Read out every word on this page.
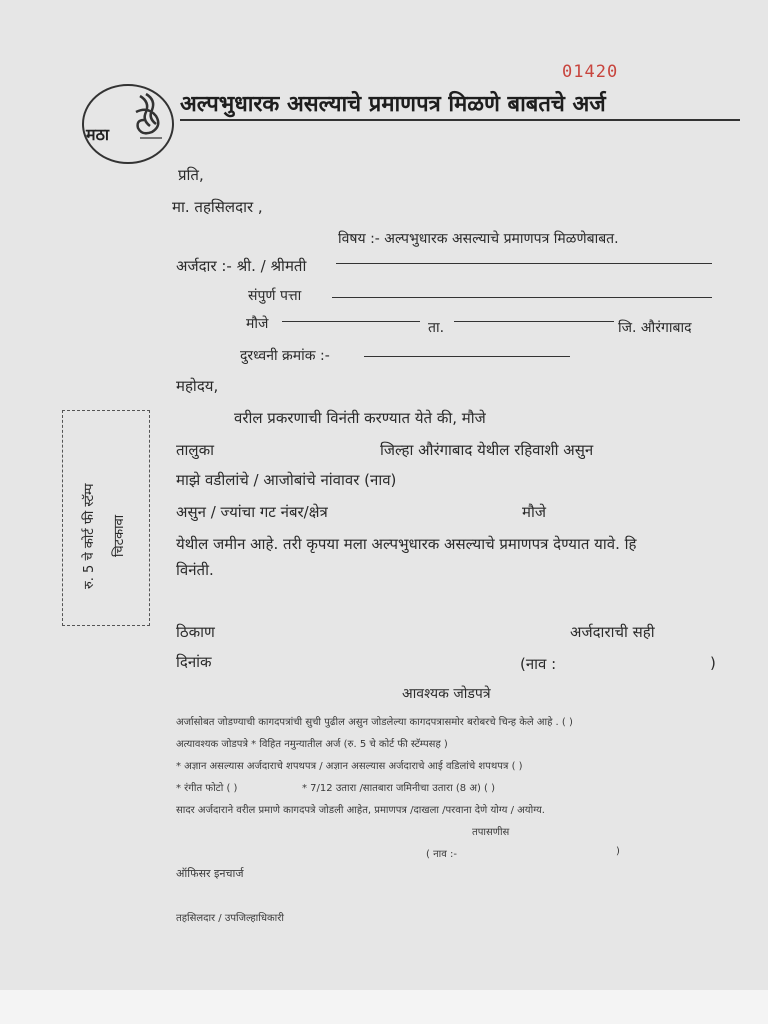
01420
मठा
अल्पभुधारक असल्याचे प्रमाणपत्र मिळणे बाबतचे अर्ज
प्रति,
मा. तहसिलदार ,
विषय :- अल्पभुधारक असल्याचे प्रमाणपत्र मिळणेबाबत.
अर्जदार :- श्री. / श्रीमती
संपुर्ण पत्ता
मौजे	ता.	जि. औरंगाबाद
दुरध्वनी क्रमांक :-
रु. 5 चे कोर्ट फी स्टॅम्प चिटकावा
महोदय,
वरील प्रकरणाची विनंती करण्यात येते की, मौजे
तालुका	जिल्हा औरंगाबाद येथील रहिवाशी असुन
माझे वडीलांचे / आजोबांचे नांवावर (नाव)
असुन / ज्यांचा गट नंबर/क्षेत्र	मौजे
येथील जमीन आहे. तरी कृपया मला अल्पभुधारक असल्याचे प्रमाणपत्र देण्यात यावे. हि
विनंती.
ठिकाण	अर्जदाराची सही
दिनांक	(नाव :	)
आवश्यक जोडपत्रे
अर्जासोबत जोडण्याची कागदपत्रांची सुची पुढील असुन जोडलेल्या कागदपत्रासमोर बरोबरचे चिन्ह केले आहे . ( )
अत्यावश्यक जोडपत्रे * विहित नमुन्यातील अर्ज (रु. 5 चे कोर्ट फी स्टॅम्पसह )
* अज्ञान असल्यास अर्जदाराचे शपथपत्र / अज्ञान असल्यास अर्जदाराचे आई वडिलांचे शपथपत्र ( )
* रंगीत फोटो ( )	* 7/12 उतारा /सातबारा जमिनीचा उतारा (8 अ) ( )
सादर अर्जदाराने वरील प्रमाणे कागदपत्रे जोडली आहेत, प्रमाणपत्र /दाखला /परवाना देणे योग्य / अयोग्य.
तपासणीस
( नाव :-	)
ऑफिसर इनचार्ज
तहसिलदार / उपजिल्हाधिकारी
